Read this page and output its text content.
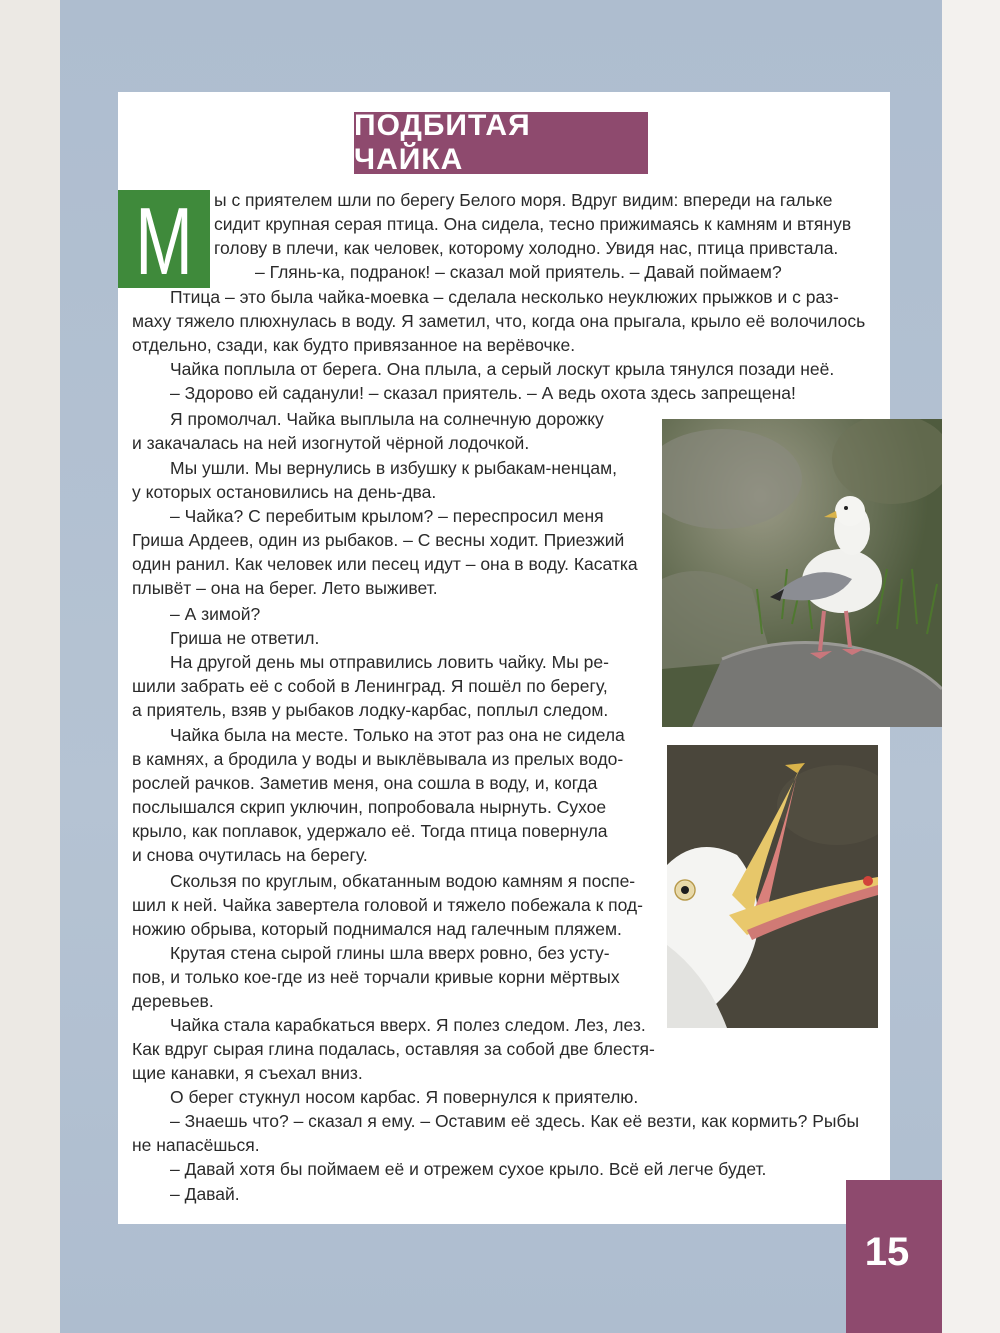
ПОДБИТАЯ ЧАЙКА
М ы с приятелем шли по берегу Белого моря. Вдруг видим: впереди на гальке
сидит крупная серая птица. Она сидела, тесно прижимаясь к камням и втянув
голову в плечи, как человек, которому холодно. Увидя нас, птица привстала.
– Глянь-ка, подранок! – сказал мой приятель. – Давай поймаем?
Птица – это была чайка-моевка – сделала несколько неуклюжих прыжков и с раз-
маху тяжело плюхнулась в воду. Я заметил, что, когда она прыгала, крыло её волочилось
отдельно, сзади, как будто привязанное на верёвочке.
Чайка поплыла от берега. Она плыла, а серый лоскут крыла тянулся позади неё.
– Здорово ей саданули! – сказал приятель. – А ведь охота здесь запрещена!
Я промолчал. Чайка выплыла на солнечную дорожку
и закачалась на ней изогнутой чёрной лодочкой.
Мы ушли. Мы вернулись в избушку к рыбакам-ненцам,
у которых остановились на день-два.
– Чайка? С перебитым крылом? – переспросил меня
Гриша Ардеев, один из рыбаков. – С весны ходит. Приезжий
один ранил. Как человек или песец идут – она в воду. Касатка
плывёт – она на берег. Лето выживет.
– А зимой?
Гриша не ответил.
На другой день мы отправились ловить чайку. Мы ре-
шили забрать её с собой в Ленинград. Я пошёл по берегу,
а приятель, взяв у рыбаков лодку-карбас, поплыл следом.
Чайка была на месте. Только на этот раз она не сидела
в камнях, а бродила у воды и выклёвывала из прелых водо-
рослей рачков. Заметив меня, она сошла в воду, и, когда
послышался скрип уключин, попробовала нырнуть. Сухое
крыло, как поплавок, удержало её. Тогда птица повернула
и снова очутилась на берегу.
Скользя по круглым, обкатанным водою камням я поспе-
шил к ней. Чайка завертела головой и тяжело побежала к под-
ножию обрыва, который поднимался над галечным пляжем.
Крутая стена сырой глины шла вверх ровно, без усту-
пов, и только кое-где из неё торчали кривые корни мёртвых
деревьев.
Чайка стала карабкаться вверх. Я полез следом. Лез, лез.
Как вдруг сырая глина подалась, оставляя за собой две блестя-
щие канавки, я съехал вниз.
О берег стукнул носом карбас. Я повернулся к приятелю.
– Знаешь что? – сказал я ему. – Оставим её здесь. Как её везти, как кормить? Рыбы
не напасёшься.
– Давай хотя бы поймаем её и отрежем сухое крыло. Всё ей легче будет.
– Давай.
15
